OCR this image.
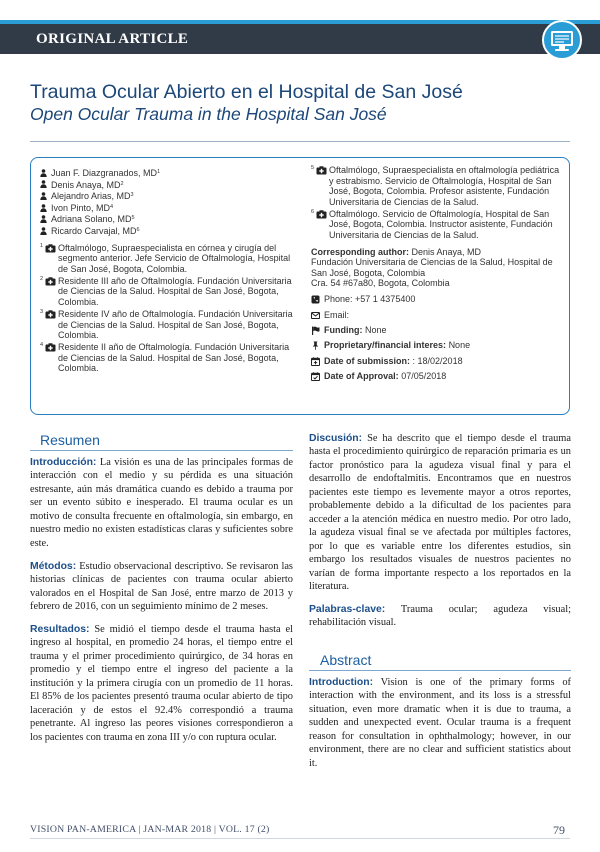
ORIGINAL ARTICLE
Trauma Ocular Abierto en el Hospital de San José
Open Ocular Trauma in the Hospital San José
Juan F. Diazgranados, $MD^1$
Denis Anaya, $MD^2$
Alejandro Arias, $MD^3$
Ivon Pinto, $MD^4$
Adriana Solano, $MD^5$
Ricardo Carvajal, $MD^6$
1 Oftalmólogo, Supraespecialista en córnea y cirugía del segmento anterior. Jefe Servicio de Oftalmología, Hospital de San José, Bogota, Colombia.
2 Residente III año de Oftalmología. Fundación Universitaria de Ciencias de la Salud. Hospital de San José, Bogota, Colombia.
3 Residente IV año de Oftalmología. Fundación Universitaria de Ciencias de la Salud. Hospital de San José, Bogota, Colombia.
4 Residente II año de Oftalmología. Fundación Universitaria de Ciencias de la Salud. Hospital de San José, Bogota, Colombia.
5 Oftalmólogo, Supraespecialista en oftalmología pediátrica y estrabismo. Servicio de Oftalmología, Hospital de San José, Bogota, Colombia. Profesor asistente, Fundación Universitaria de Ciencias de la Salud.
6 Oftalmólogo. Servicio de Oftalmología, Hospital de San José, Bogota, Colombia. Instructor asistente, Fundación Universitaria de Ciencias de la Salud.
Corresponding author: Denis Anaya, MD
Fundación Universitaria de Ciencias de la Salud, Hospital de San José, Bogota, Colombia
Cra. 54 #67a80, Bogota, Colombia
Phone: +57 1 4375400
Email:
Funding:
None
Proprietary/financial interes:
None
Date of submission:
: 18/02/2018
Date of Approval:
07/05/2018
Resumen

Introducción: La visión es una de las principales formas de interacción con el medio y su pérdida es una situación estresante, aún más dramática cuando es debido a trauma por ser un evento súbito e inesperado. El trauma ocular es un motivo de consulta frecuente en oftalmología, sin embargo, en nuestro medio no existen estadísticas claras y suficientes sobre este.

Métodos: Estudio observacional descriptivo. Se revisaron las historias clínicas de pacientes con trauma ocular abierto valorados en el Hospital de San José, entre marzo de 2013 y febrero de 2016, con un seguimiento mínimo de 2 meses.

Resultados: Se midió el tiempo desde el trauma hasta el ingreso al hospital, en promedio 24 horas, el tiempo entre el trauma y el primer procedimiento quirúrgico, de 34 horas en promedio y el tiempo entre el ingreso del paciente a la institución y la primera cirugía con un promedio de 11 horas. El 85% de los pacientes presentó trauma ocular abierto de tipo laceración y de estos el 92.4% correspondió a trauma penetrante. Al ingreso las peores visiones correspondieron a los pacientes con trauma en zona III y/o con ruptura ocular.

Discusión: Se ha descrito que el tiempo desde el trauma hasta el procedimiento quirúrgico de reparación primaria es un factor pronóstico para la agudeza visual final y para el desarrollo de endoftalmitis. Encontramos que en nuestros pacientes este tiempo es levemente mayor a otros reportes, probablemente debido a la dificultad de los pacientes para acceder a la atención médica en nuestro medio. Por otro lado, la agudeza visual final se ve afectada por múltiples factores, por lo que es variable entre los diferentes estudios, sin embargo los resultados visuales de nuestros pacientes no varían de forma importante respecto a los reportados en la literatura.

Palabras-clave: Trauma ocular; agudeza visual; rehabilitación visual.

Abstract

Introduction: Vision is one of the primary forms of interaction with the environment, and its loss is a stressful situation, even more dramatic when it is due to trauma, a sudden and unexpected event. Ocular trauma is a frequent reason for consultation in ophthalmology; however, in our environment, there are no clear and sufficient statistics about it.

VISION PAN-AMERICA | JAN-MAR 2018 | VOL. 17 (2)	79
